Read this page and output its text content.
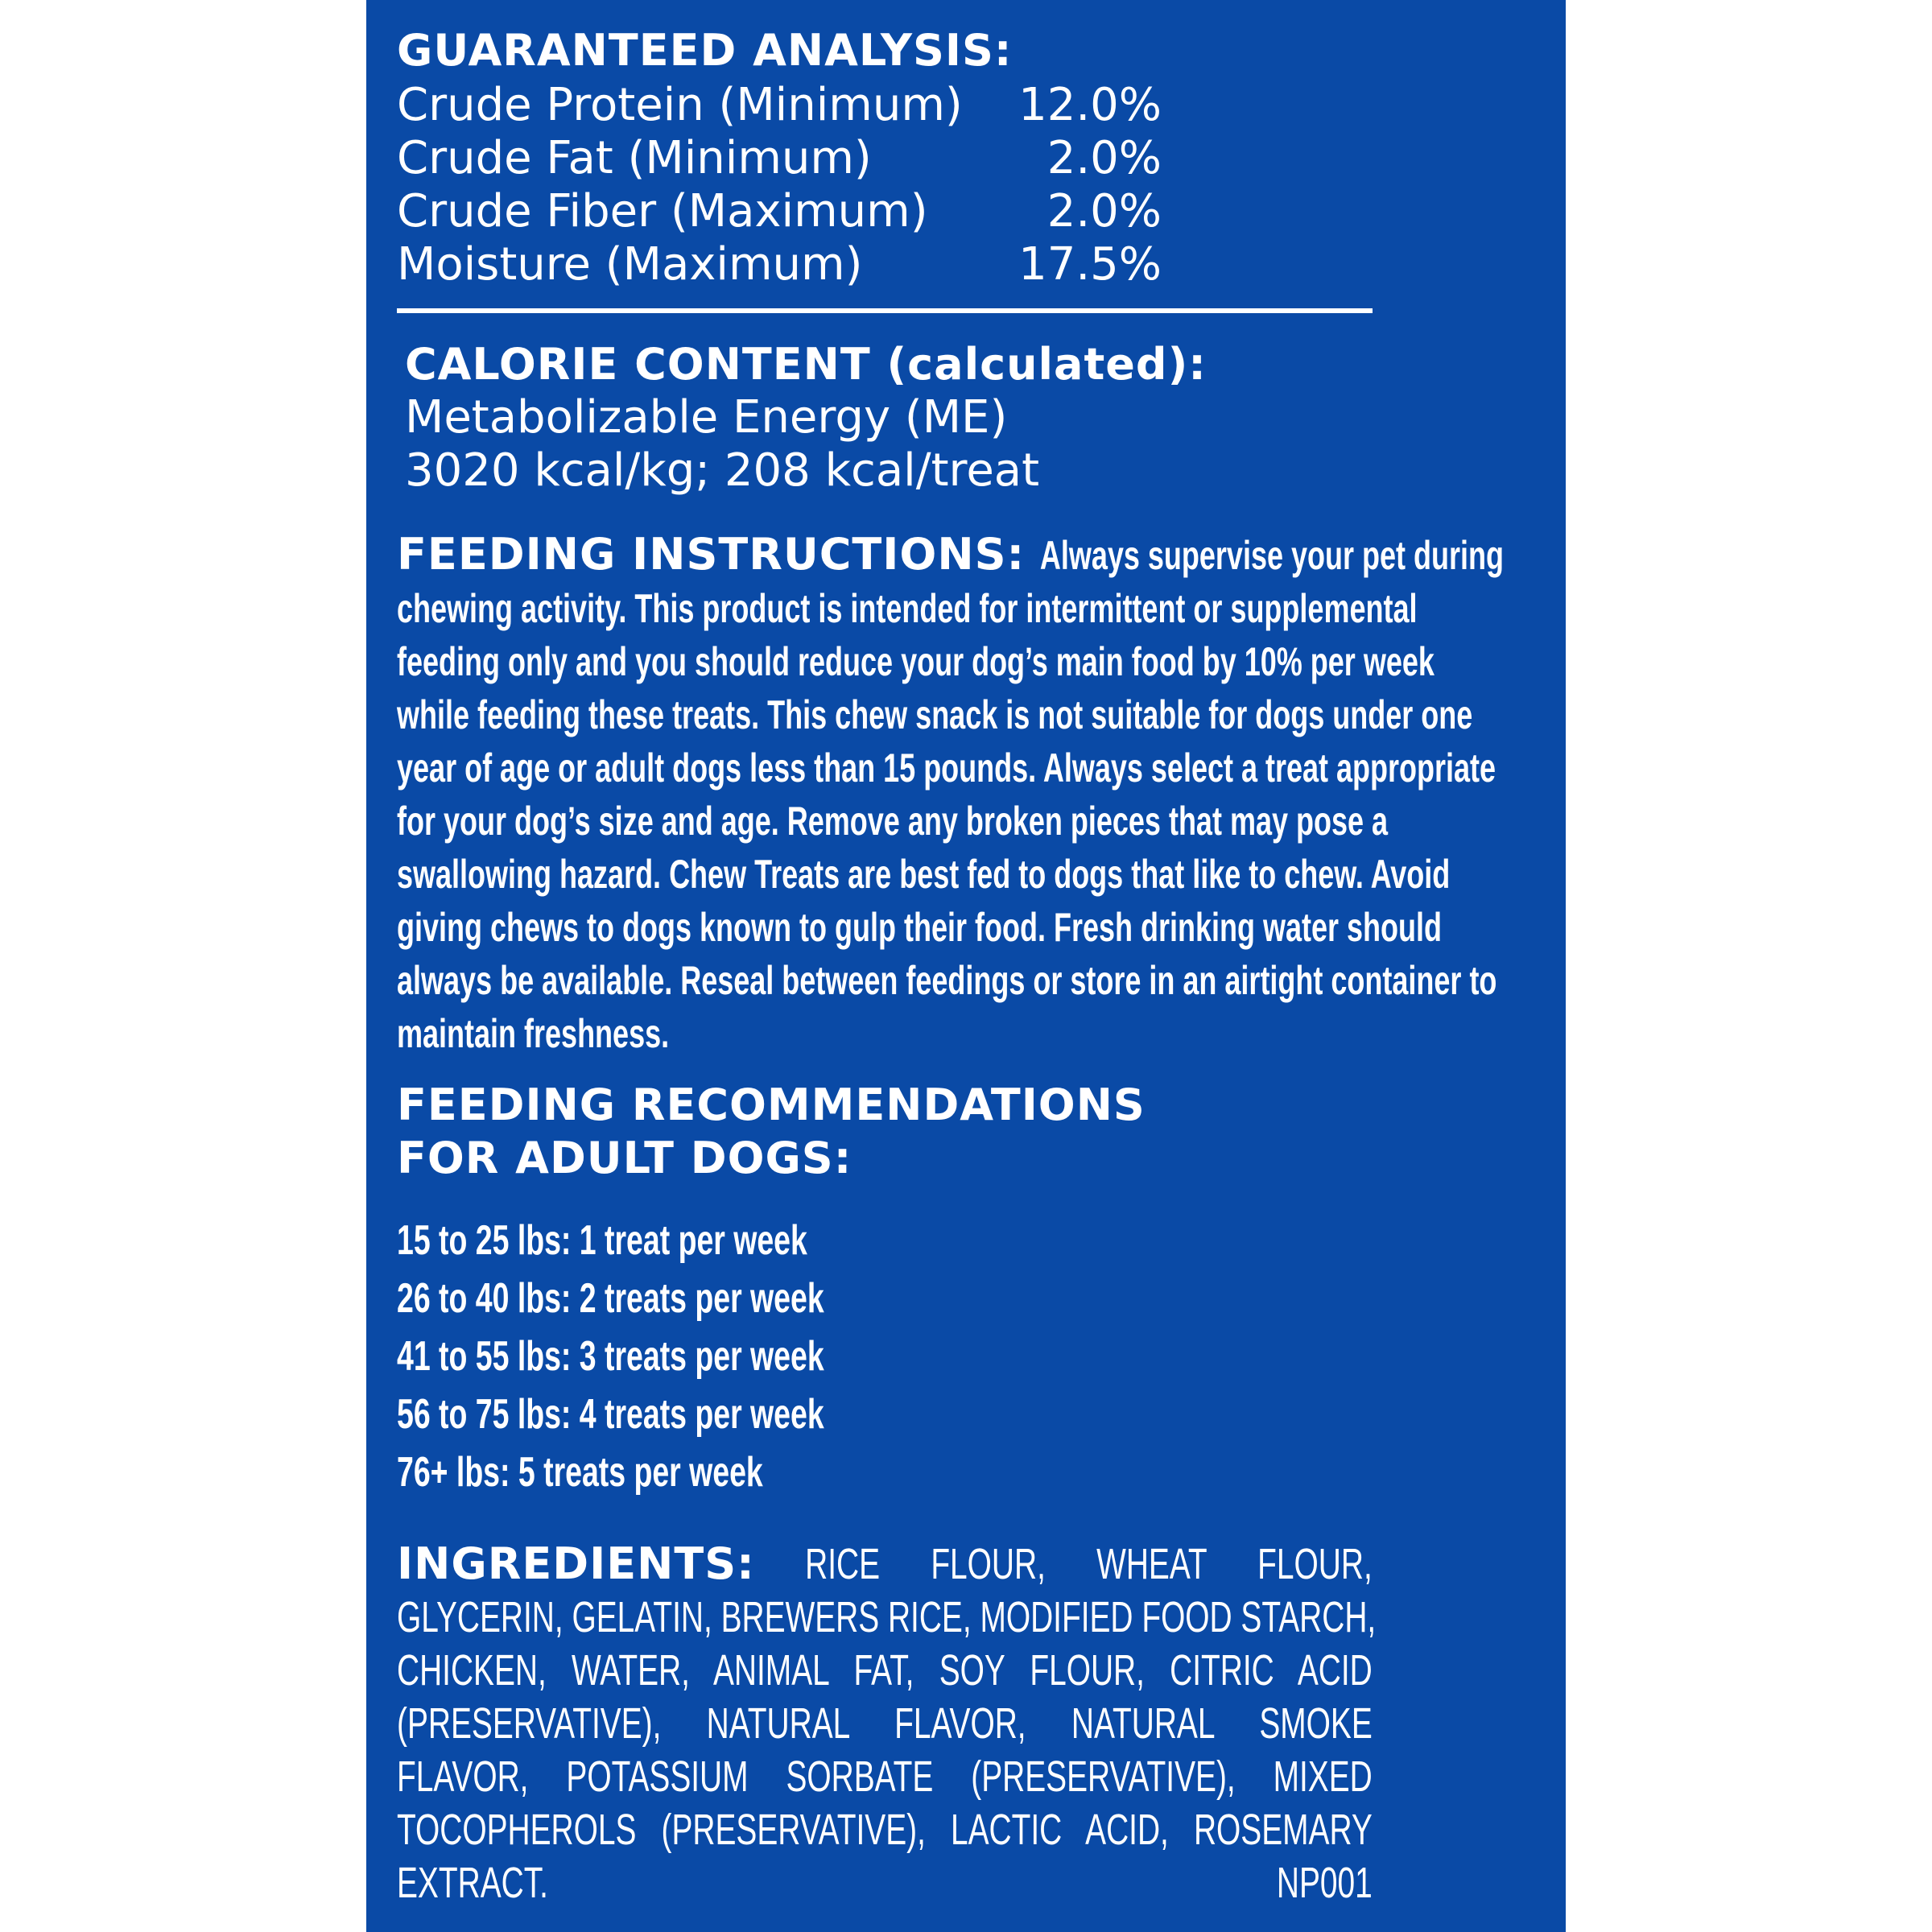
GUARANTEED ANALYSIS:
Crude Protein (Minimum)	12.0%
Crude Fat (Minimum)	2.0%
Crude Fiber (Maximum)	2.0%
Moisture (Maximum)	17.5%
CALORIE CONTENT (calculated):
Metabolizable Energy (ME)
3020 kcal/kg; 208 kcal/treat
FEEDING INSTRUCTIONS: Always supervise your pet during
chewing activity. This product is intended for intermittent or supplemental
feeding only and you should reduce your dog’s main food by 10% per week
while feeding these treats. This chew snack is not suitable for dogs under one
year of age or adult dogs less than 15 pounds. Always select a treat appropriate
for your dog’s size and age. Remove any broken pieces that may pose a
swallowing hazard. Chew Treats are best fed to dogs that like to chew. Avoid
giving chews to dogs known to gulp their food. Fresh drinking water should
always be available. Reseal between feedings or store in an airtight container to
maintain freshness.
FEEDING RECOMMENDATIONS
FOR ADULT DOGS:
15 to 25 lbs: 1 treat per week
26 to 40 lbs: 2 treats per week
41 to 55 lbs: 3 treats per week
56 to 75 lbs: 4 treats per week
76+ lbs: 5 treats per week
INGREDIENTS: RICE FLOUR, WHEAT FLOUR,
GLYCERIN, GELATIN, BREWERS RICE, MODIFIED FOOD STARCH,
CHICKEN, WATER, ANIMAL FAT, SOY FLOUR, CITRIC ACID
(PRESERVATIVE), NATURAL FLAVOR, NATURAL SMOKE
FLAVOR, POTASSIUM SORBATE (PRESERVATIVE), MIXED
TOCOPHEROLS (PRESERVATIVE), LACTIC ACID, ROSEMARY
EXTRACT.	NP001
